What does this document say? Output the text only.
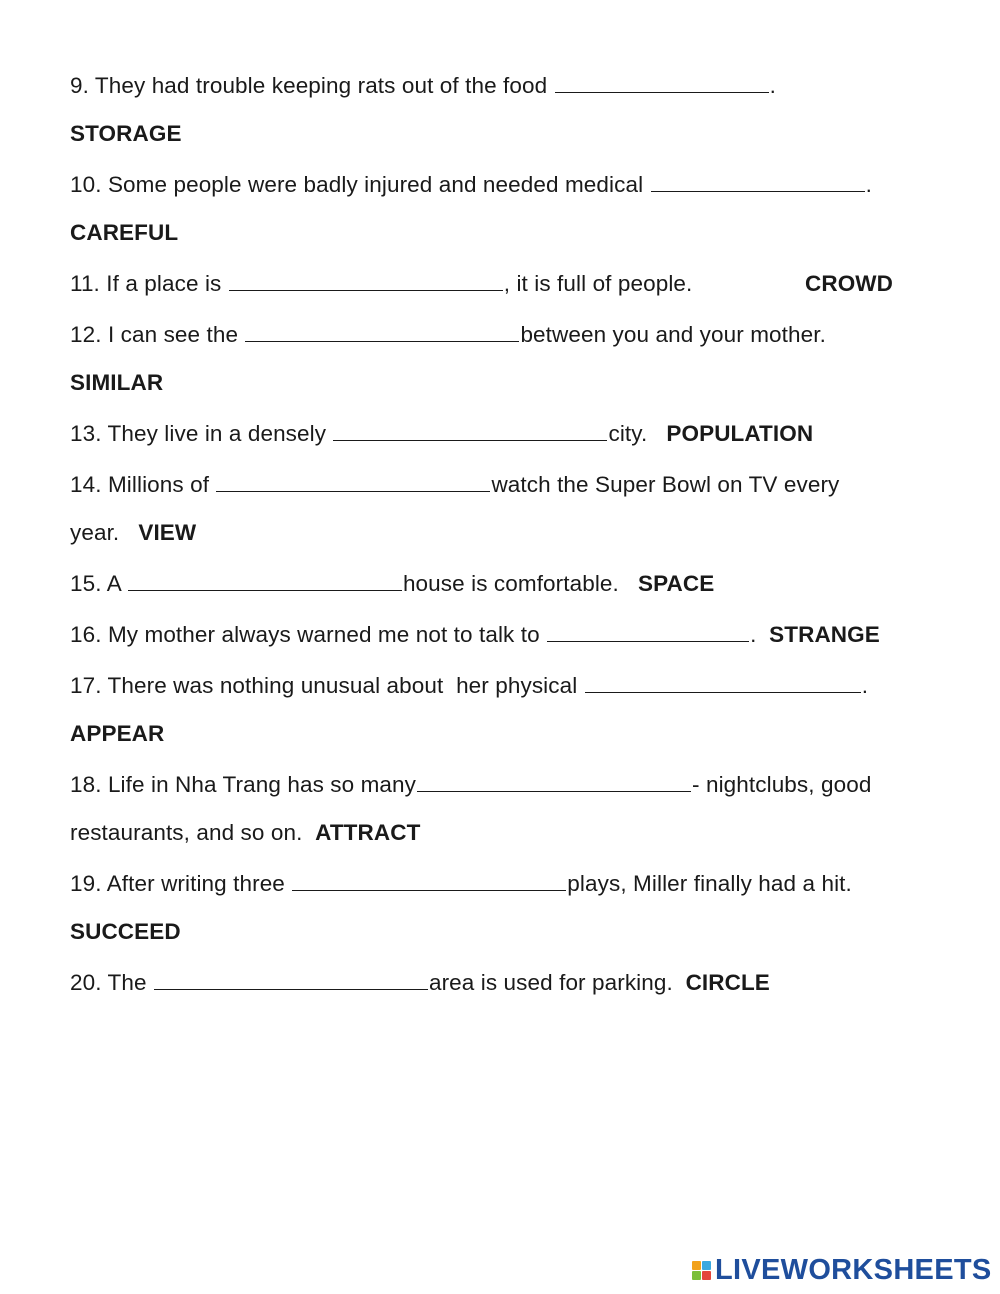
9. They had trouble keeping rats out of the food	.
STORAGE
10. Some people were badly injured and needed medical	.
CAREFUL
11. If a place is	, it is full of people.	CROWD
12. I can see the	between you and your mother.
SIMILAR
13. They live in a densely	city. POPULATION
14. Millions of	watch the Super Bowl on TV every
year. VIEW
15. A	house is comfortable. SPACE
16. My mother always warned me not to talk to	. STRANGE
17. There was nothing unusual about  her physical	.
APPEAR
18. Life in Nha Trang has so many	- nightclubs, good
restaurants, and so on. ATTRACT
19. After writing three	plays, Miller finally had a hit.
SUCCEED
20. The	area is used for parking. CIRCLE
LIVEWORKSHEETS
